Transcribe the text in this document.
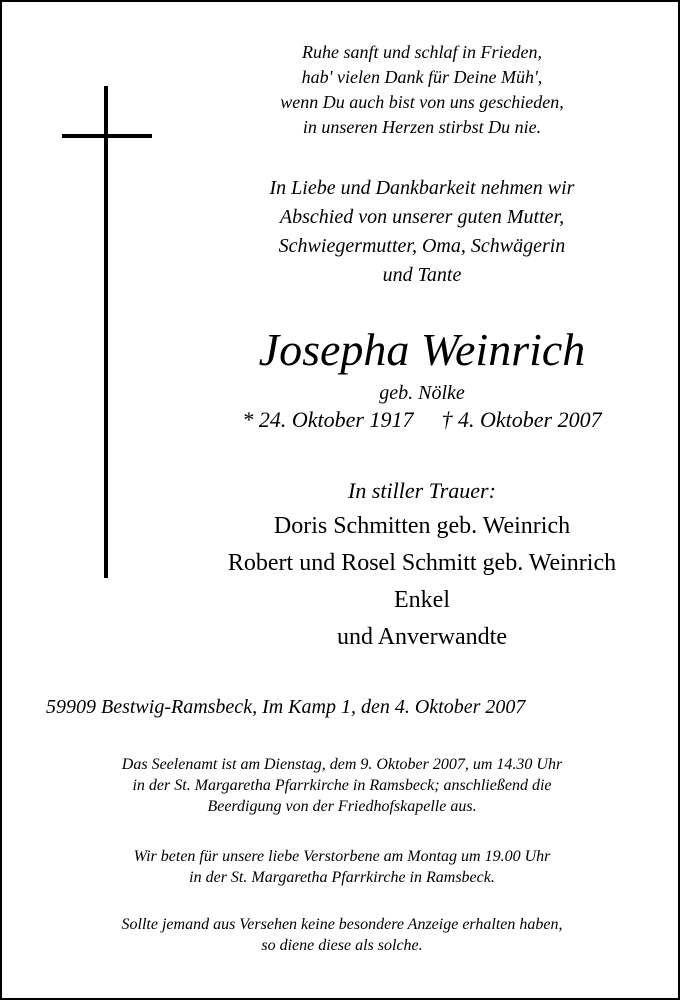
Ruhe sanft und schlaf in Frieden,
hab' vielen Dank für Deine Müh',
wenn Du auch bist von uns geschieden,
in unseren Herzen stirbst Du nie.
In Liebe und Dankbarkeit nehmen wir
Abschied von unserer guten Mutter,
Schwiegermutter, Oma, Schwägerin
und Tante
Josepha Weinrich
geb. Nölke
* 24. Oktober 1917 † 4. Oktober 2007
In stiller Trauer:
Doris Schmitten geb. Weinrich
Robert und Rosel Schmitt geb. Weinrich
Enkel
und Anverwandte
59909 Bestwig-Ramsbeck, Im Kamp 1, den 4. Oktober 2007
Das Seelenamt ist am Dienstag, dem 9. Oktober 2007, um 14.30 Uhr
in der St. Margaretha Pfarrkirche in Ramsbeck; anschließend die
Beerdigung von der Friedhofskapelle aus.
Wir beten für unsere liebe Verstorbene am Montag um 19.00 Uhr
in der St. Margaretha Pfarrkirche in Ramsbeck.
Sollte jemand aus Versehen keine besondere Anzeige erhalten haben,
so diene diese als solche.
